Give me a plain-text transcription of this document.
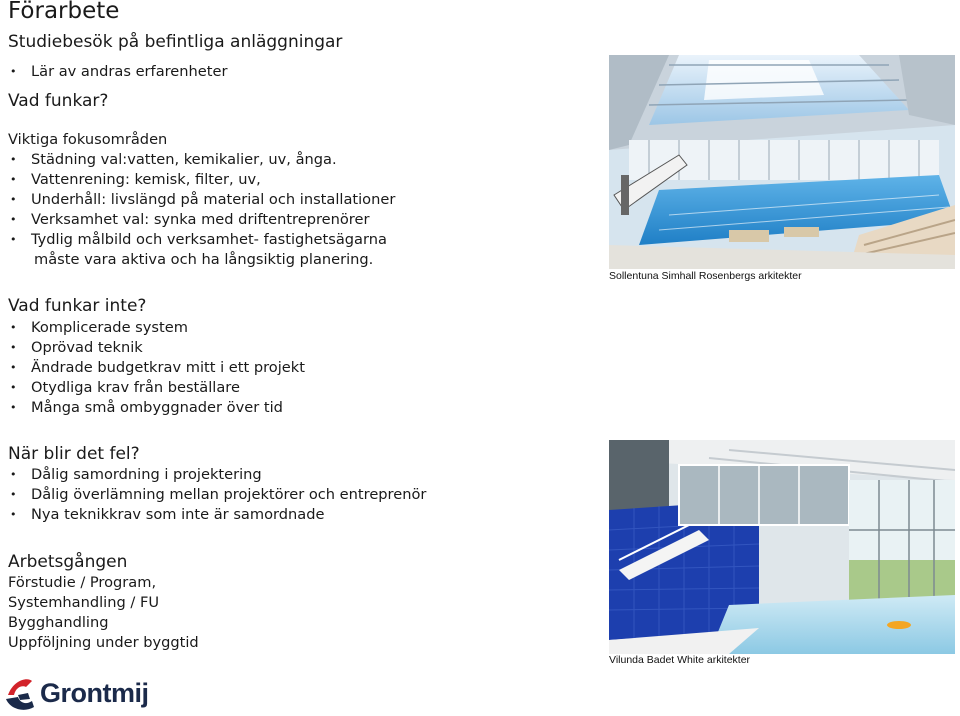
Förarbete
Studiebesök på befintliga anläggningar
• Lär av andras erfarenheter
Vad funkar?
Viktiga fokusområden
• Städning val:vatten, kemikalier, uv, ånga.
• Vattenrening: kemisk, filter, uv,
• Underhåll: livslängd på material och installationer
• Verksamhet val: synka med driftentreprenörer
• Tydlig målbild och verksamhet- fastighetsägarna
måste vara aktiva och ha långsiktig planering.
Vad funkar inte?
• Komplicerade system
• Oprövad teknik
• Ändrade budgetkrav mitt i ett projekt
• Otydliga krav från beställare
• Många små ombyggnader över tid
När blir det fel?
• Dålig samordning i projektering
• Dålig överlämning mellan projektörer och entreprenör
• Nya teknikkrav som inte är samordnade
Arbetsgången
Förstudie / Program,
Systemhandling / FU
Bygghandling
Uppföljning under byggtid
Sollentuna Simhall Rosenbergs arkitekter
Vilunda Badet White arkitekter
Grontmij
